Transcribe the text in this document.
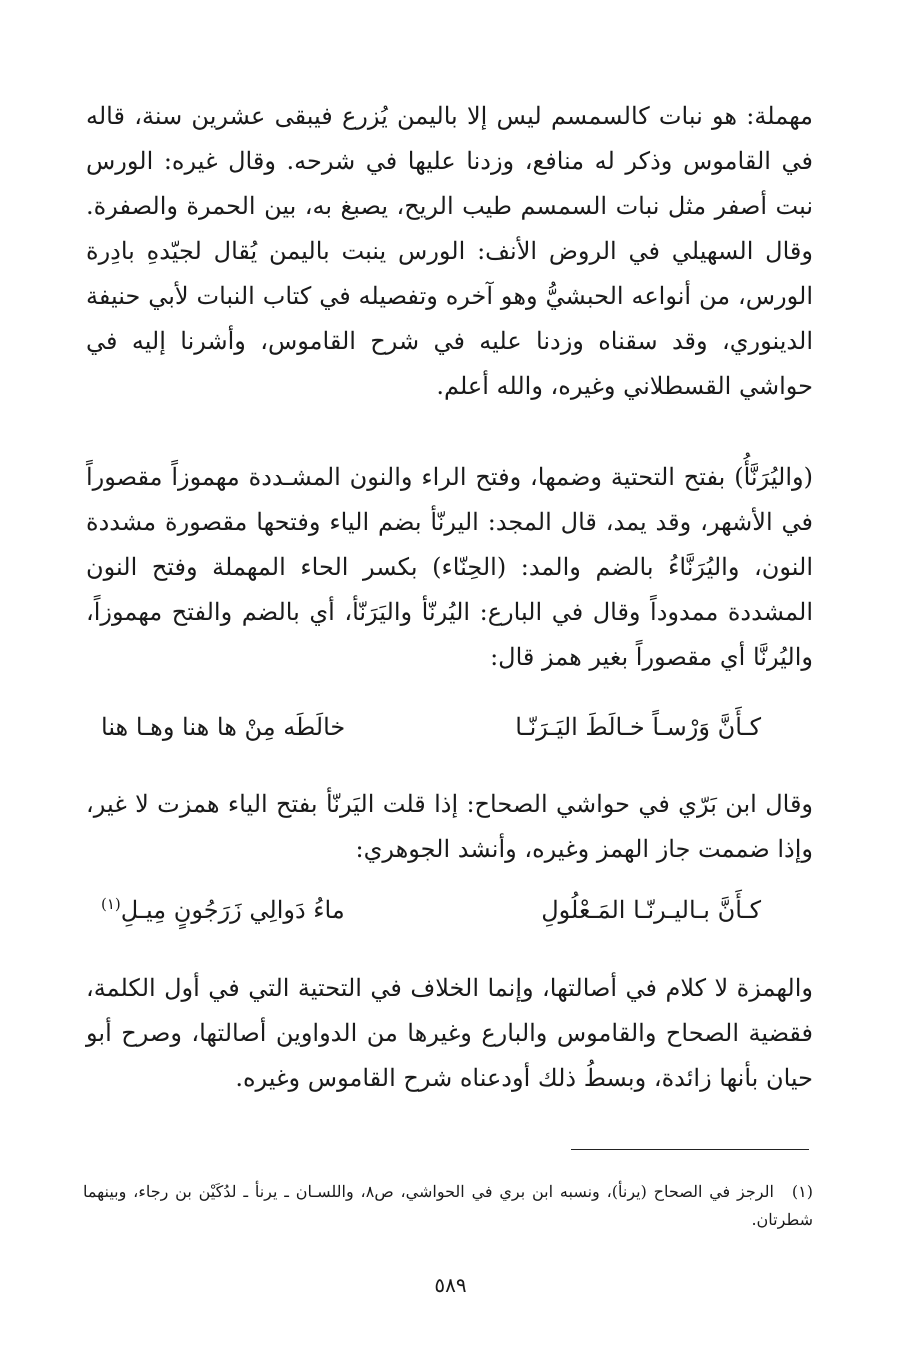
مهملة: هو نبات كالسمسم ليس إلا باليمن يُزرع فيبقى عشرين سنة، قاله في القاموس وذكر له منافع، وزدنا عليها في شرحه. وقال غيره: الورس نبت أصفر مثل نبات السمسم طيب الريح، يصبغ به، بين الحمرة والصفرة. وقال السهيلي في الروض الأنف: الورس ينبت باليمن يُقال لجيّدهِ بادِرة الورس، من أنواعه الحبشيُّ وهو آخره وتفصيله في كتاب النبات لأبي حنيفة الدينوري، وقد سقناه وزدنا عليه في شرح القاموس، وأشرنا إليه في حواشي القسطلاني وغيره، والله أعلم.

(واليُرَنَّأُ) بفتح التحتية وضمها، وفتح الراء والنون المشـددة مهموزاً مقصوراً في الأشهر، وقد يمد، قال المجد: اليرنّأ بضم الياء وفتحها مقصورة مشددة النون، واليُرَنَّاءُ بالضم والمد: (الحِنّاء) بكسر الحاء المهملة وفتح النون المشددة ممدوداً وقال في البارع: اليُرنّأ واليَرَنّأ، أي بالضم والفتح مهموزاً، واليُرنَّا أي مقصوراً بغير همز قال:

كـأَنَّ وَرْسـاً خـالَطَ اليَـرَنّـا
خالَطَه مِنْ ها هنا وهـا هنا

وقال ابن بَرّي في حواشي الصحاح: إذا قلت اليَرنّأ بفتح الياء همزت لا غير، وإذا ضممت جاز الهمز وغيره، وأنشد الجوهري:

كـأَنَّ بـاليـرنّـا المَـعْلُولِ
ماءُ دَوالِي زَرَجُونٍ مِيـلِ$^{(١)}$

والهمزة لا كلام في أصالتها، وإنما الخلاف في التحتية التي في أول الكلمة، فقضية الصحاح والقاموس والبارع وغيرها من الدواوين أصالتها، وصرح أبو حيان بأنها زائدة، وبسطُ ذلك أودعناه شرح القاموس وغيره.

(١)الرجز في الصحاح (يرنأ)، ونسبه ابن بري في الحواشي، ص٨، واللسـان ـ يرنأ ـ لدُكَيْن بن رجاء، وبينهما شطرتان.

٥٨٩
